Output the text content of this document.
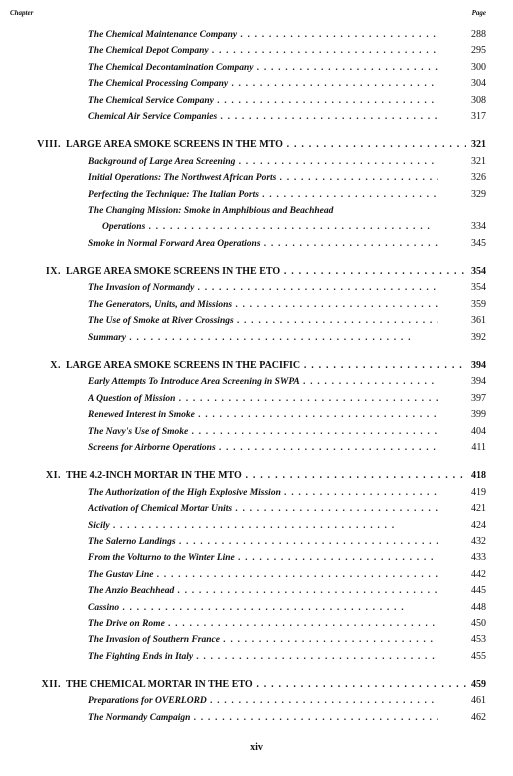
Chapter	Page
The Chemical Maintenance Company . . .	288
The Chemical Depot Company . . .	295
The Chemical Decontamination Company . . .	300
The Chemical Processing Company . . .	304
The Chemical Service Company . . .	308
Chemical Air Service Companies . . .	317
VIII. LARGE AREA SMOKE SCREENS IN THE MTO . . .	321
Background of Large Area Screening . . .	321
Initial Operations: The Northwest African Ports . . .	326
Perfecting the Technique: The Italian Ports . . .	329
The Changing Mission: Smoke in Amphibious and Beachhead
Operations . . .	334
Smoke in Normal Forward Area Operations . . .	345
IX. LARGE AREA SMOKE SCREENS IN THE ETO . . .	354
The Invasion of Normandy . . .	354
The Generators, Units, and Missions . . .	359
The Use of Smoke at River Crossings . . .	361
Summary . . .	392
X. LARGE AREA SMOKE SCREENS IN THE PACIFIC . . .	394
Early Attempts To Introduce Area Screening in SWPA . . .	394
A Question of Mission . . .	397
Renewed Interest in Smoke . . .	399
The Navy's Use of Smoke . . .	404
Screens for Airborne Operations . . .	411
XI. THE 4.2-INCH MORTAR IN THE MTO . . .	418
The Authorization of the High Explosive Mission . . .	419
Activation of Chemical Mortar Units . . .	421
Sicily . . .	424
The Salerno Landings . . .	432
From the Volturno to the Winter Line . . .	433
The Gustav Line . . .	442
The Anzio Beachhead . . .	445
Cassino . . .	448
The Drive on Rome . . .	450
The Invasion of Southern France . . .	453
The Fighting Ends in Italy . . .	455
XII. THE CHEMICAL MORTAR IN THE ETO . . .	459
Preparations for OVERLORD . . .	461
The Normandy Campaign . . .	462
xiv
